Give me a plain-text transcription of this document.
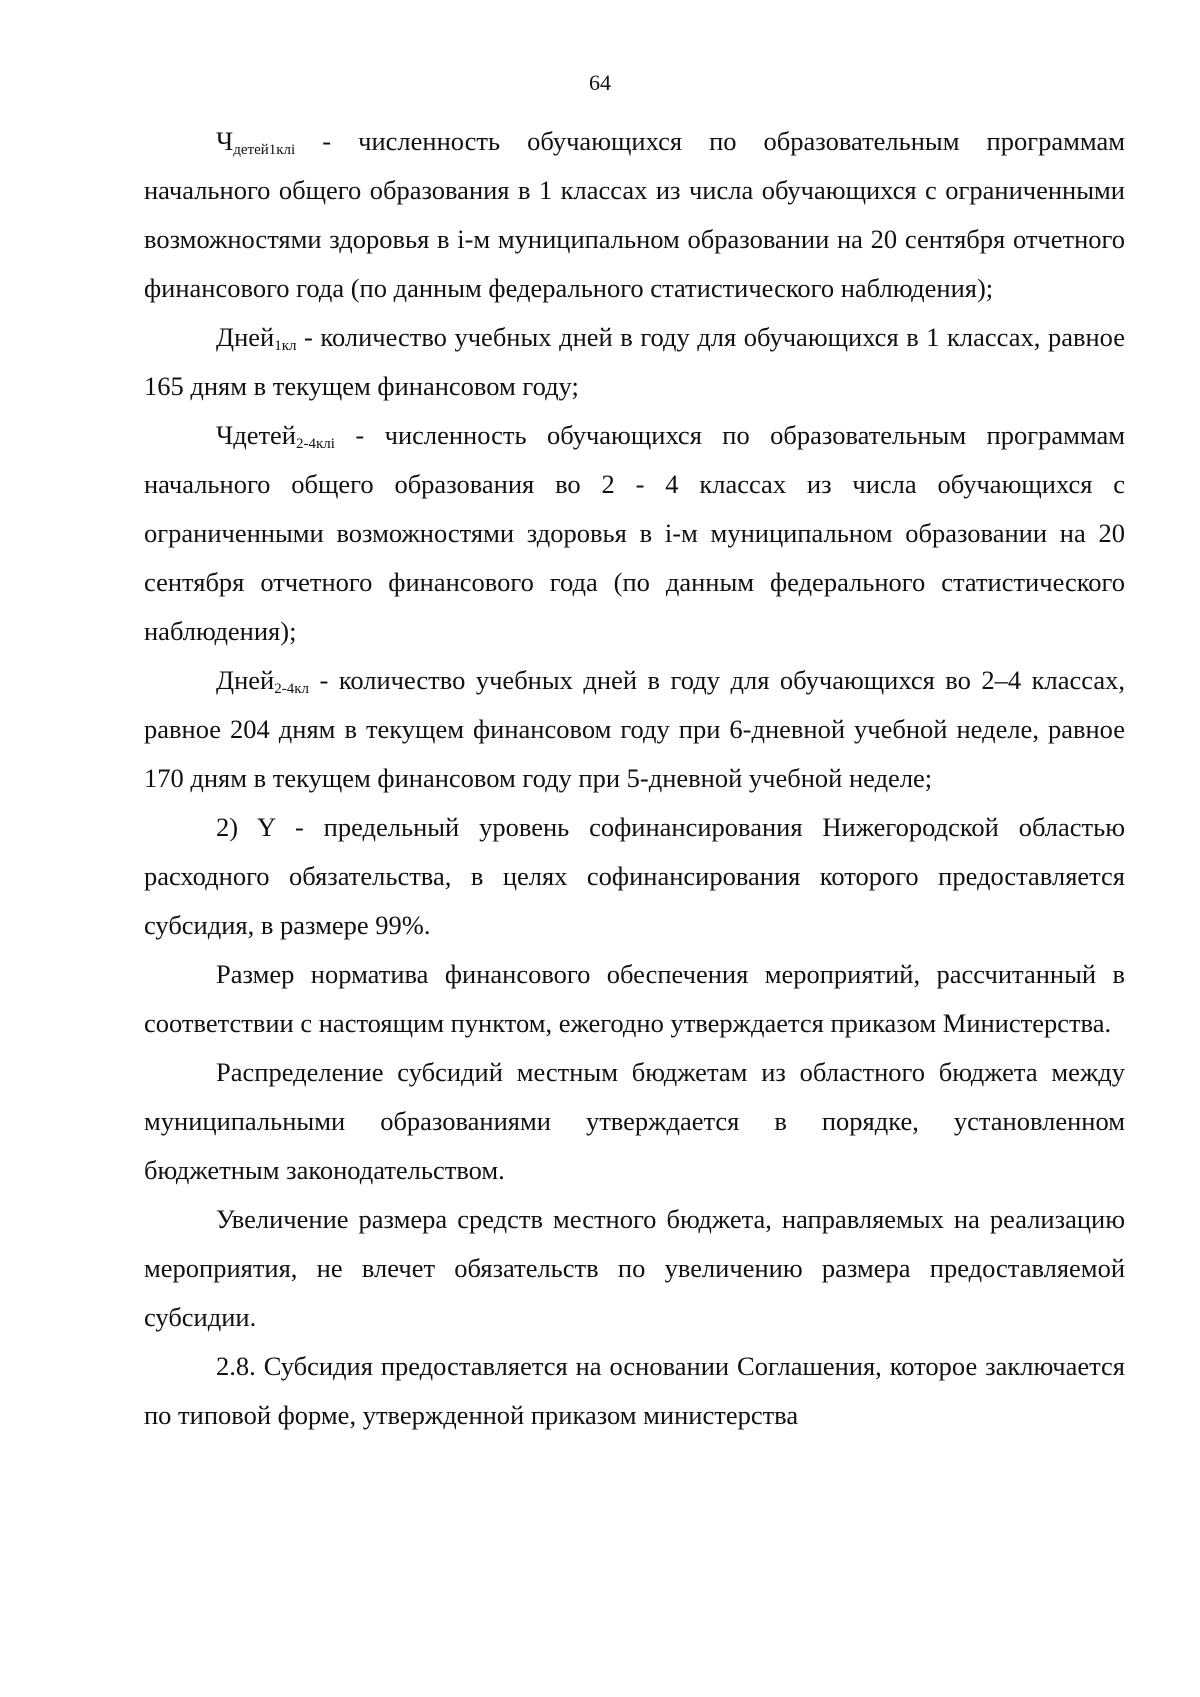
64

$Ч_{детей1клi}$ - численность обучающихся по образовательным программам начального общего образования в 1 классах из числа обучающихся с ограниченными возможностями здоровья в i-м муниципальном образовании на 20 сентября отчетного финансового года (по данным федерального статистического наблюдения);

Дней$_{1кл}$ - количество учебных дней в году для обучающихся в 1 классах, равное 165 дням в текущем финансовом году;

Чдетей$_{2-4клi}$ - численность обучающихся по образовательным программам начального общего образования во 2 - 4 классах из числа обучающихся с ограниченными возможностями здоровья в i-м муниципальном образовании на 20 сентября отчетного финансового года (по данным федерального статистического наблюдения);

Дней$_{2-4кл}$ - количество учебных дней в году для обучающихся во 2–4 классах, равное 204 дням в текущем финансовом году при 6-дневной учебной неделе, равное 170 дням в текущем финансовом году при 5-дневной учебной неделе;

2) Y - предельный уровень софинансирования Нижегородской областью расходного обязательства, в целях софинансирования которого предоставляется субсидия, в размере 99%.

Размер норматива финансового обеспечения мероприятий, рассчитанный в соответствии с настоящим пунктом, ежегодно утверждается приказом Министерства.

Распределение субсидий местным бюджетам из областного бюджета между муниципальными образованиями утверждается в порядке, установленном бюджетным законодательством.

Увеличение размера средств местного бюджета, направляемых на реализацию мероприятия, не влечет обязательств по увеличению размера предоставляемой субсидии.

2.8. Субсидия предоставляется на основании Соглашения, которое заключается по типовой форме, утвержденной приказом министерства
